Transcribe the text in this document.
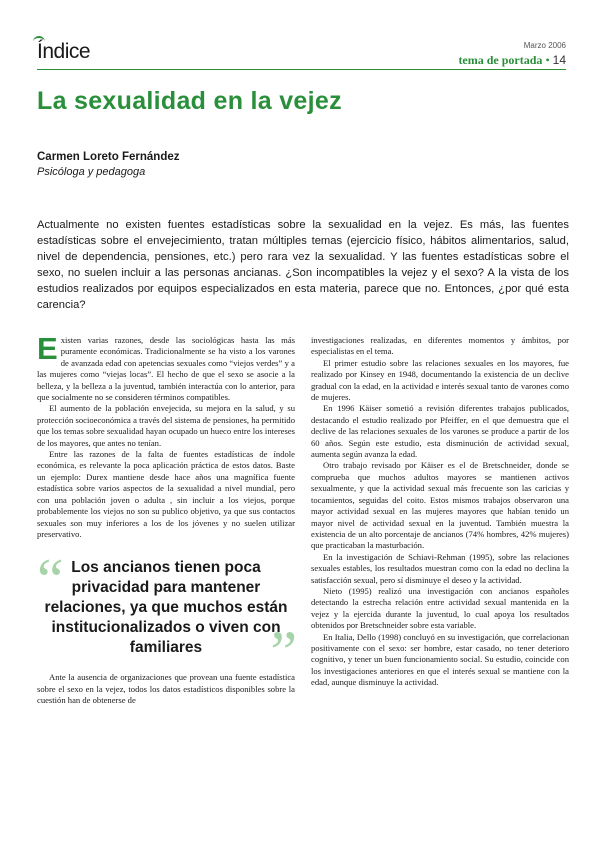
Índice	Marzo 2006
tema de portada • 14
La sexualidad en la vejez

Carmen Loreto Fernández

Psicóloga y pedagoga

Actualmente no existen fuentes estadísticas sobre la sexualidad en la vejez. Es más, las fuentes estadísticas sobre el envejecimiento, tratan múltiples temas (ejercicio físico, hábitos alimentarios, salud, nivel de dependencia, pensiones, etc.) pero rara vez la sexualidad. Y las fuentes estadísticas sobre el sexo, no suelen incluir a las personas ancianas. ¿Son incompatibles la vejez y el sexo? A la vista de los estudios realizados por equipos especializados en esta materia, parece que no. Entonces, ¿por qué esta carencia?

Existen varias razones, desde las sociológicas hasta las más puramente económicas. Tradicionalmente se ha visto a los varones de avanzada edad con apetencias sexuales como “viejos verdes” y a las mujeres como “viejas locas”. El hecho de que el sexo se asocie a la belleza, y la belleza a la juventud, también interactúa con lo anterior, para que socialmente no se consideren términos compatibles.

El aumento de la población envejecida, su mejora en la salud, y su protección socioeconómica a través del sistema de pensiones, ha permitido que los temas sobre sexualidad hayan ocupado un hueco entre los intereses de los mayores, que antes no tenían.

Entre las razones de la falta de fuentes estadísticas de índole económica, es relevante la poca aplicación práctica de estos datos. Baste un ejemplo: Durex mantiene desde hace años una magnífica fuente estadística sobre varios aspectos de la sexualidad a nivel mundial, pero con una población joven o adulta , sin incluir a los viejos, porque probablemente los viejos no son su publico objetivo, ya que sus contactos sexuales son muy inferiores a los de los jóvenes y no suelen utilizar preservativo.

“ Los ancianos tienen poca privacidad para mantener relaciones, ya que muchos están institucionalizados o viven con familiares	”

Ante la ausencia de organizaciones que provean una fuente estadística sobre el sexo en la vejez, todos los datos estadísticos disponibles sobre la cuestión han de obtenerse de

investigaciones realizadas, en diferentes momentos y ámbitos, por especialistas en el tema.

El primer estudio sobre las relaciones sexuales en los mayores, fue realizado por Kinsey en 1948, documentando la existencia de un declive gradual con la edad, en la actividad e interés sexual tanto de varones como de mujeres.

En 1996 Käiser sometió a revisión diferentes trabajos publicados, destacando el estudio realizado por Pfeiffer, en el que demuestra que el declive de las relaciones sexuales de los varones se produce a partir de los 60 años. Según este estudio, esta disminución de actividad sexual, aumenta según avanza la edad.

Otro trabajo revisado por Käiser es el de Bretschneider, donde se comprueba que muchos adultos mayores se mantienen activos sexualmente, y que la actividad sexual más frecuente son las caricias y tocamientos, seguidas del coito. Estos mismos trabajos observaron una mayor actividad sexual en las mujeres mayores que habían tenido un mayor nivel de actividad sexual en la juventud. También muestra la existencia de un alto porcentaje de ancianos (74% hombres, 42% mujeres) que practicaban la masturbación.

En la investigación de Schiavi-Rehman (1995), sobre las relaciones sexuales estables, los resultados muestran como con la edad no declina la satisfacción sexual, pero sí disminuye el deseo y la actividad.

Nieto (1995) realizó una investigación con ancianos españoles detectando la estrecha relación entre actividad sexual mantenida en la vejez y la ejercida durante la juventud, lo cual apoya los resultados obtenidos por Bretschneider sobre esta variable.

En Italia, Dello (1998) concluyó en su investigación, que correlacionan positivamente con el sexo: ser hombre, estar casado, no tener deterioro cognitivo, y tener un buen funcionamiento social. Su estudio, coincide con los investigaciones anteriores en que el interés sexual se mantiene con la edad, aunque disminuye la actividad.
